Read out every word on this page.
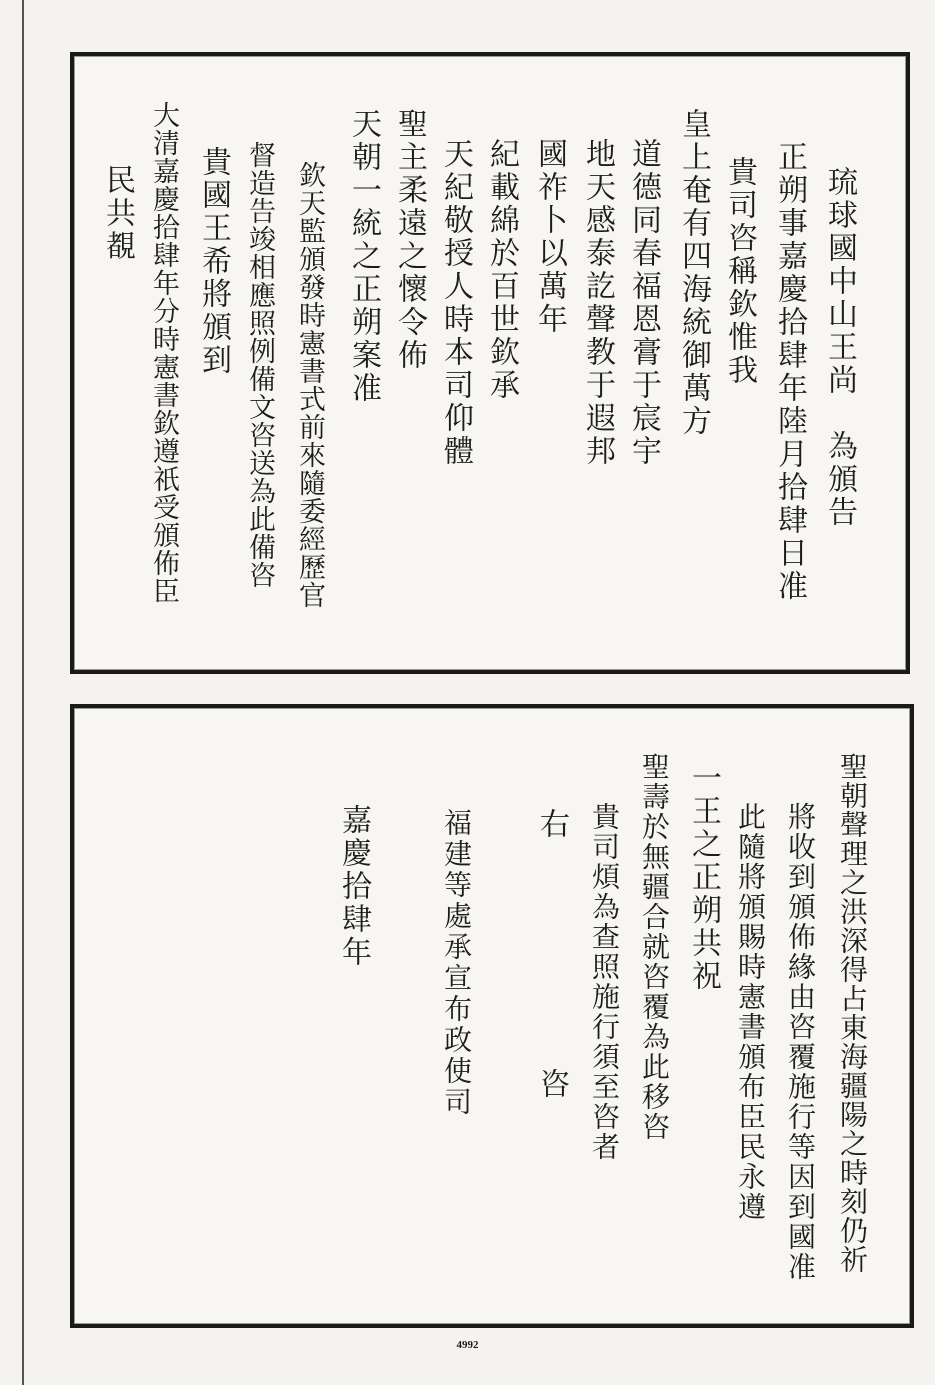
琉球國中山王尚　為頒告
正朔事嘉慶拾肆年陸月拾肆日准
貴司咨稱欽惟我
皇上奄有四海統御萬方
道德同春福恩膏于宸宇
地天感泰訖聲教于遐邦
國祚卜以萬年
紀載綿於百世欽承
天紀敬授人時本司仰體
聖主柔遠之懷令佈
天朝一統之正朔案准
欽天監頒發時憲書式前來隨委經歷官
督造告竣相應照例備文咨送為此備咨
貴國王希將頒到
大清嘉慶拾肆年分時憲書欽遵祇受頒佈臣
民共覩
聖朝聲理之洪深得占東海疆陽之時刻仍祈
將收到頒佈緣由咨覆施行等因到國准
此隨將頒賜時憲書頒布臣民永遵
一王之正朔共祝
聖壽於無疆合就咨覆為此移咨
貴司煩為查照施行須至咨者
右
咨
福建等處承宣布政使司
嘉慶拾肆年
4992
